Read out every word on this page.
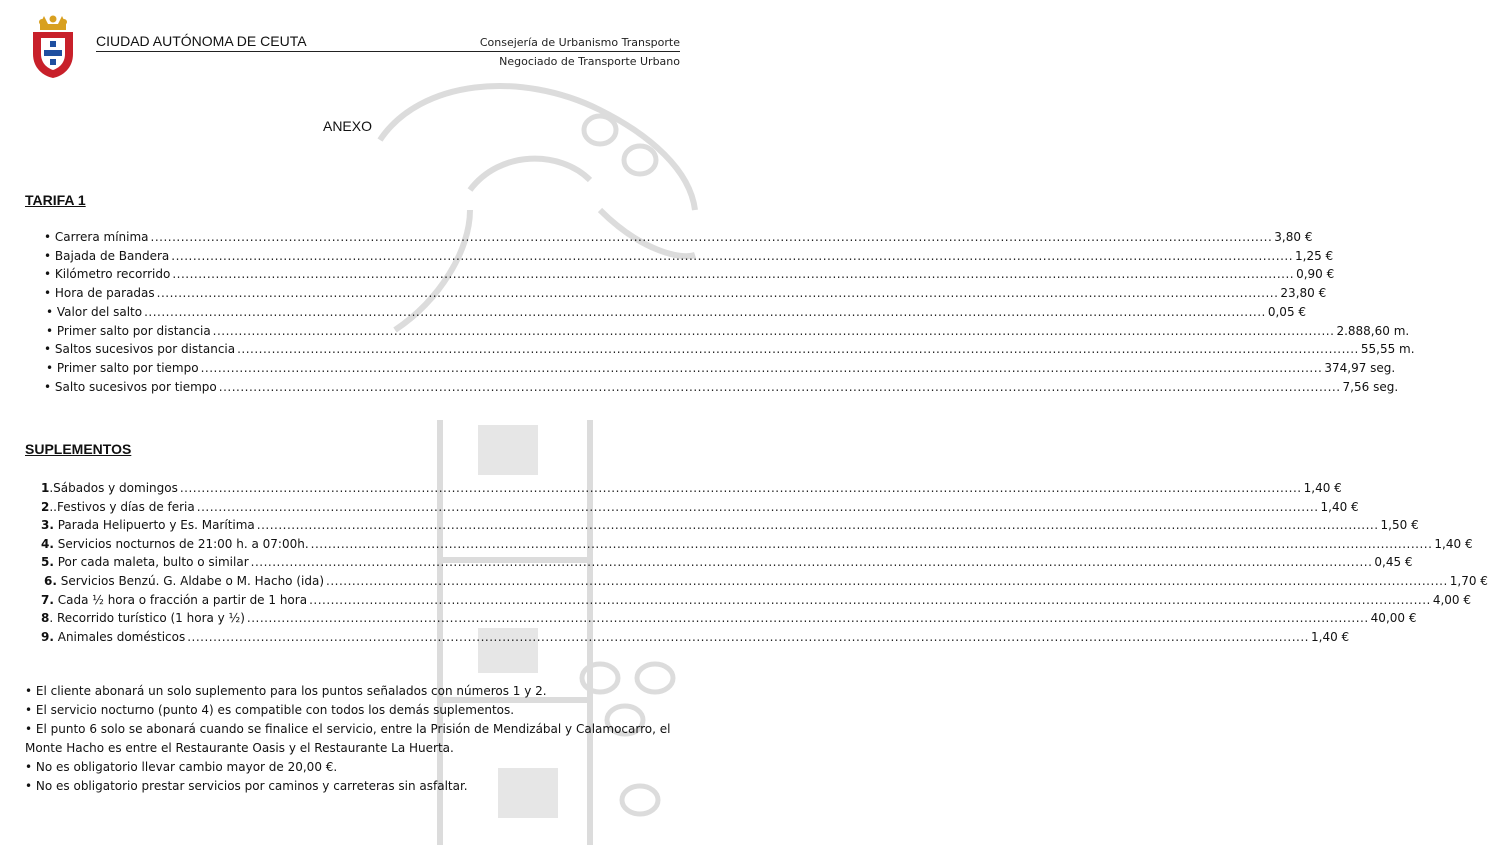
CIUDAD AUTÓNOMA DE CEUTA	Consejería de Urbanismo Transporte
Negociado de Transporte Urbano
ANEXO
TARIFA 1
• Carrera mínima .................................................................................................................................................................................................................................................................... 3,80 €
• Bajada de Bandera .................................................................................................................................................................................................................................................................... 1,25 €
• Kilómetro recorrido .................................................................................................................................................................................................................................................................... 0,90 €
• Hora de paradas .................................................................................................................................................................................................................................................................... 23,80 €
• Valor del salto .................................................................................................................................................................................................................................................................... 0,05 €
• Primer salto por distancia .................................................................................................................................................................................................................................................................... 2.888,60 m.
• Saltos sucesivos por distancia .................................................................................................................................................................................................................................................................... 55,55 m.
• Primer salto por tiempo .................................................................................................................................................................................................................................................................... 374,97 seg.
• Salto sucesivos por tiempo .................................................................................................................................................................................................................................................................... 7,56 seg.
SUPLEMENTOS
1.Sábados y domingos .................................................................................................................................................................................................................................................................... 1,40 €
2..Festivos y días de feria .................................................................................................................................................................................................................................................................... 1,40 €
3. Parada Helipuerto y Es. Marítima .................................................................................................................................................................................................................................................................... 1,50 €
4. Servicios nocturnos de 21:00 h. a 07:00h. .................................................................................................................................................................................................................................................................... 1,40 €
5. Por cada maleta, bulto o similar .................................................................................................................................................................................................................................................................... 0,45 €
6. Servicios Benzú. G. Aldabe o M. Hacho (ida) .................................................................................................................................................................................................................................................................... 1,70 €
7. Cada ½ hora o fracción a partir de 1 hora .................................................................................................................................................................................................................................................................... 4,00 €
8. Recorrido turístico (1 hora y ½) .................................................................................................................................................................................................................................................................... 40,00 €
9. Animales domésticos .................................................................................................................................................................................................................................................................... 1,40 €
• El cliente abonará un solo suplemento para los puntos señalados con números 1 y 2.
• El servicio nocturno (punto 4) es compatible con todos los demás suplementos.
• El punto 6 solo se abonará cuando se finalice el servicio, entre la Prisión de Mendizábal y Calamocarro, el Monte Hacho es entre el Restaurante Oasis y el Restaurante La Huerta.
• No es obligatorio llevar cambio mayor de 20,00 €.
• No es obligatorio prestar servicios por caminos y carreteras sin asfaltar.
